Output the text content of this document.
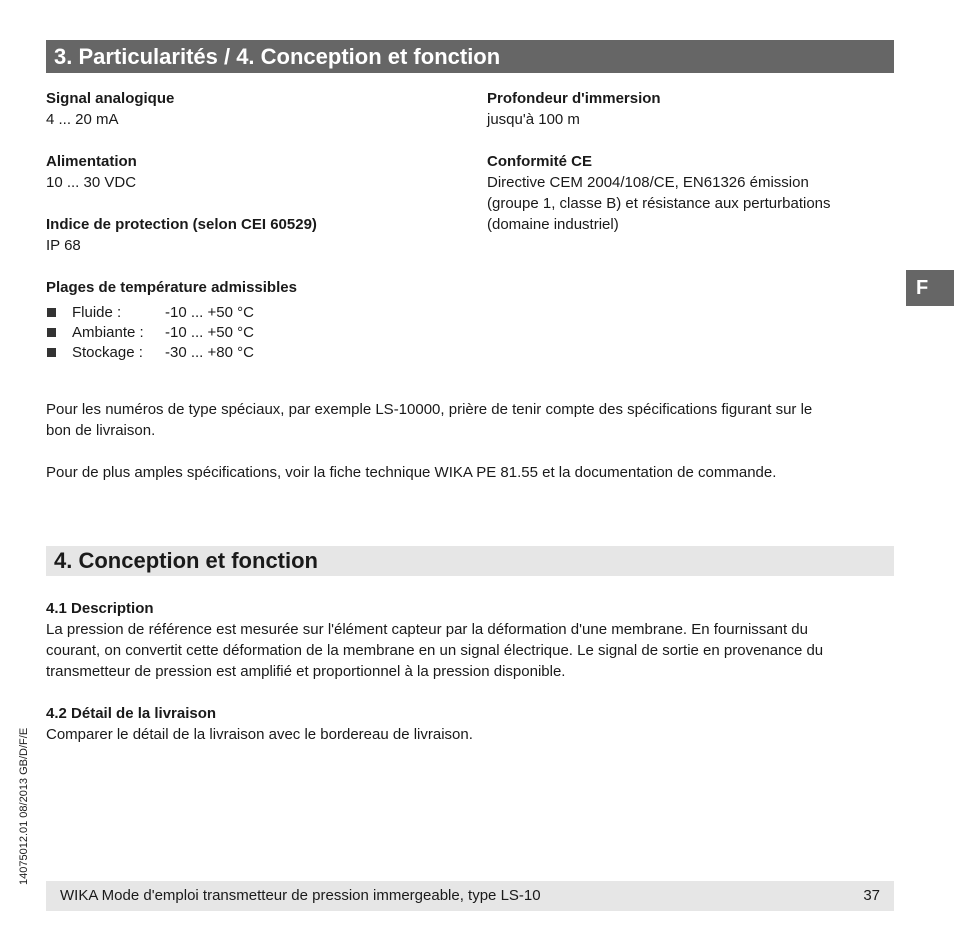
3. Particularités / 4. Conception et fonction
Signal analogique
4 ... 20 mA
Alimentation
10 ... 30 VDC
Indice de protection (selon CEI 60529)
IP 68
Plages de température admissibles
Fluide :	-10 ... +50 °C
Ambiante : -10 ... +50 °C
Stockage : -30 ... +80 °C
Profondeur d'immersion
jusqu'à 100 m
Conformité CE
Directive CEM 2004/108/CE, EN61326 émission
(groupe 1, classe B) et résistance aux perturbations
(domaine industriel)
Pour les numéros de type spéciaux, par exemple LS-10000, prière de tenir compte des spécifications figurant sur le
bon de livraison.
Pour de plus amples spécifications, voir la fiche technique WIKA PE 81.55 et la documentation de commande.
4. Conception et fonction
4.1 Description
La pression de référence est mesurée sur l'élément capteur par la déformation d'une membrane. En fournissant du
courant, on convertit cette déformation de la membrane en un signal électrique. Le signal de sortie en provenance du
transmetteur de pression est amplifié et proportionnel à la pression disponible.
4.2 Détail de la livraison
Comparer le détail de la livraison avec le bordereau de livraison.
F
14075012.01 08/2013 GB/D/F/E
WIKA Mode d'emploi transmetteur de pression immergeable, type LS-10	37
